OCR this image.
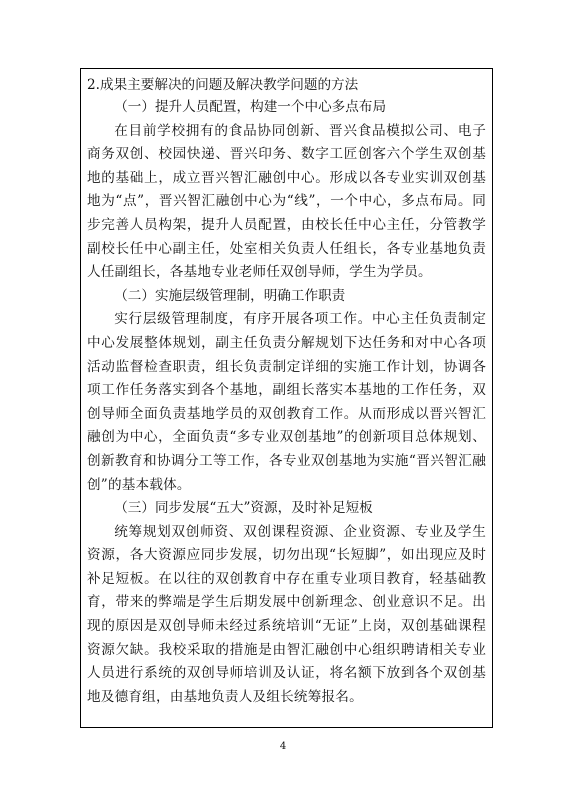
2.成果主要解决的问题及解决教学问题的方法

（一）提升人员配置，构建一个中心多点布局

在目前学校拥有的食品协同创新、晋兴食品模拟公司、电子商务双创、校园快递、晋兴印务、数字工匠创客六个学生双创基地的基础上，成立晋兴智汇融创中心。形成以各专业实训双创基地为“点”，晋兴智汇融创中心为“线”，一个中心，多点布局。同步完善人员构架，提升人员配置，由校长任中心主任，分管教学副校长任中心副主任，处室相关负责人任组长，各专业基地负责人任副组长，各基地专业老师任双创导师，学生为学员。

（二）实施层级管理制，明确工作职责

实行层级管理制度，有序开展各项工作。中心主任负责制定中心发展整体规划，副主任负责分解规划下达任务和对中心各项活动监督检查职责，组长负责制定详细的实施工作计划，协调各项工作任务落实到各个基地，副组长落实本基地的工作任务，双创导师全面负责基地学员的双创教育工作。从而形成以晋兴智汇融创为中心，全面负责“多专业双创基地”的创新项目总体规划、创新教育和协调分工等工作，各专业双创基地为实施“晋兴智汇融创”的基本载体。

（三）同步发展“五大”资源，及时补足短板

统筹规划双创师资、双创课程资源、企业资源、专业及学生资源，各大资源应同步发展，切勿出现“长短脚”，如出现应及时补足短板。在以往的双创教育中存在重专业项目教育，轻基础教育，带来的弊端是学生后期发展中创新理念、创业意识不足。出现的原因是双创导师未经过系统培训“无证”上岗，双创基础课程资源欠缺。我校采取的措施是由智汇融创中心组织聘请相关专业人员进行系统的双创导师培训及认证，将名额下放到各个双创基地及德育组，由基地负责人及组长统筹报名。

4
